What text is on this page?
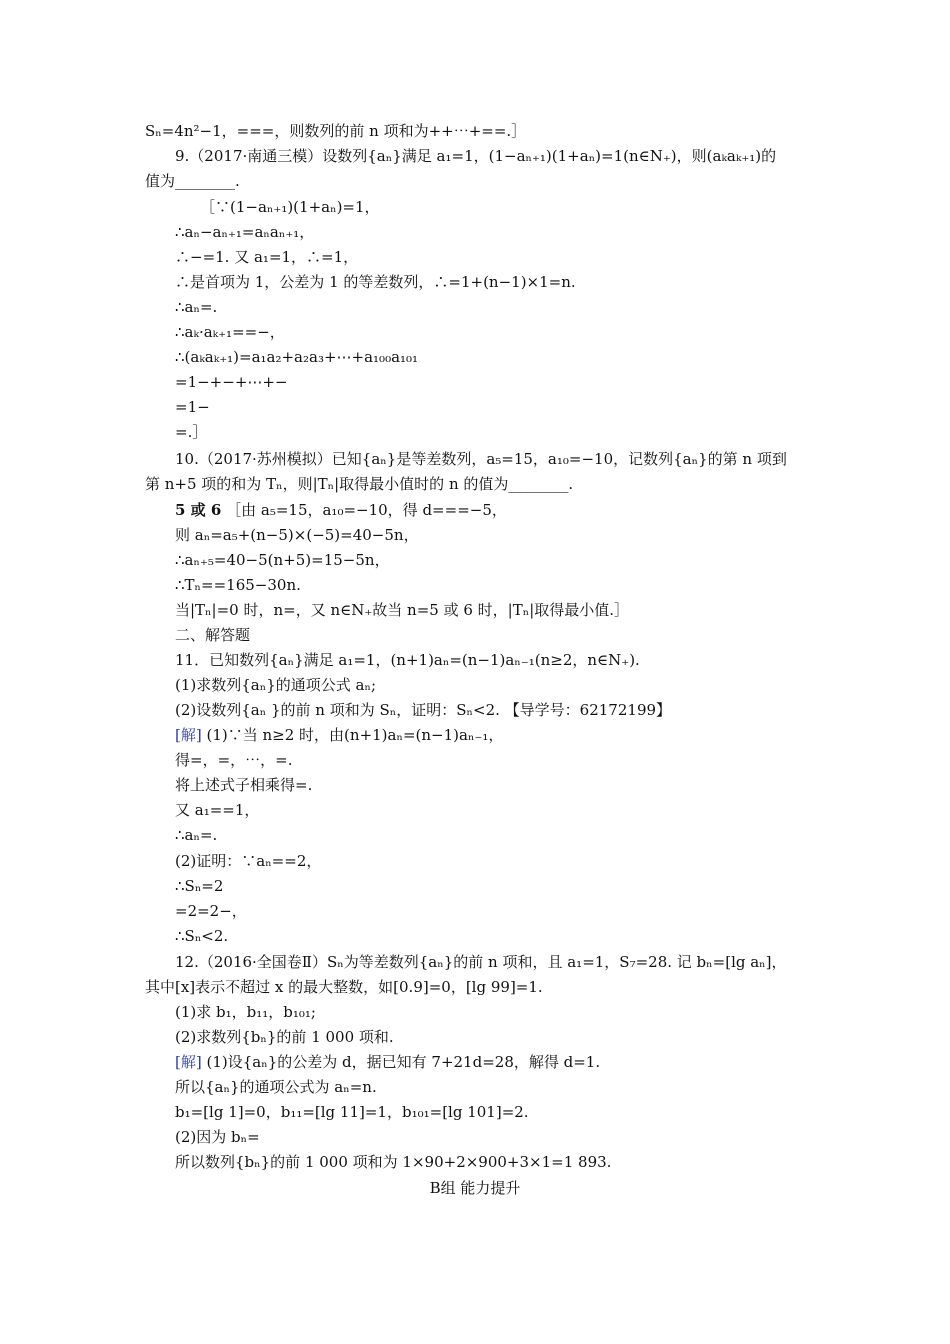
Sₙ=4n²−1，===，则数列的前 n 项和为++⋯+==.］
9.（2017·南通三模）设数列{aₙ}满足 a₁=1，(1−aₙ₊₁)(1+aₙ)=1(n∈N₊)，则(aₖaₖ₊₁)的
值为________.
［∵(1−aₙ₊₁)(1+aₙ)=1，
∴aₙ−aₙ₊₁=aₙaₙ₊₁，
∴−=1. 又 a₁=1，∴=1，
∴是首项为 1，公差为 1 的等差数列，∴=1+(n−1)×1=n.
∴aₙ=.
∴aₖ·aₖ₊₁==−，
∴(aₖaₖ₊₁)=a₁a₂+a₂a₃+⋯+a₁₀₀a₁₀₁
=1−+−+⋯+−
=1−
=.］
10.（2017·苏州模拟）已知{aₙ}是等差数列，a₅=15，a₁₀=−10，记数列{aₙ}的第 n 项到
第 n+5 项的和为 Tₙ，则|Tₙ|取得最小值时的 n 的值为________.
5 或 6 ［由 a₅=15，a₁₀=−10，得 d===−5，
则 aₙ=a₅+(n−5)×(−5)=40−5n，
∴aₙ₊₅=40−5(n+5)=15−5n，
∴Tₙ==165−30n.
当|Tₙ|=0 时，n=，又 n∈N₊故当 n=5 或 6 时，|Tₙ|取得最小值.］
二、解答题
11．已知数列{aₙ}满足 a₁=1，(n+1)aₙ=(n−1)aₙ₋₁(n≥2，n∈N₊).
(1)求数列{aₙ}的通项公式 aₙ;
(2)设数列{aₙ }的前 n 项和为 Sₙ，证明：Sₙ<2. 【导学号：62172199】
[解] (1)∵当 n≥2 时，由(n+1)aₙ=(n−1)aₙ₋₁，
得=，=，⋯，=.
将上述式子相乘得=.
又 a₁==1，
∴aₙ=.
(2)证明：∵aₙ==2，
∴Sₙ=2
=2=2−，
∴Sₙ<2.
12.（2016·全国卷Ⅱ）Sₙ为等差数列{aₙ}的前 n 项和，且 a₁=1，S₇=28. 记 bₙ=[lg aₙ]，
其中[x]表示不超过 x 的最大整数，如[0.9]=0，[lg 99]=1.
(1)求 b₁，b₁₁，b₁₀₁;
(2)求数列{bₙ}的前 1 000 项和.
[解] (1)设{aₙ}的公差为 d，据已知有 7+21d=28，解得 d=1.
所以{aₙ}的通项公式为 aₙ=n.
b₁=[lg 1]=0，b₁₁=[lg 11]=1，b₁₀₁=[lg 101]=2.
(2)因为 bₙ=
所以数列{bₙ}的前 1 000 项和为 1×90+2×900+3×1=1 893.
B组 能力提升
